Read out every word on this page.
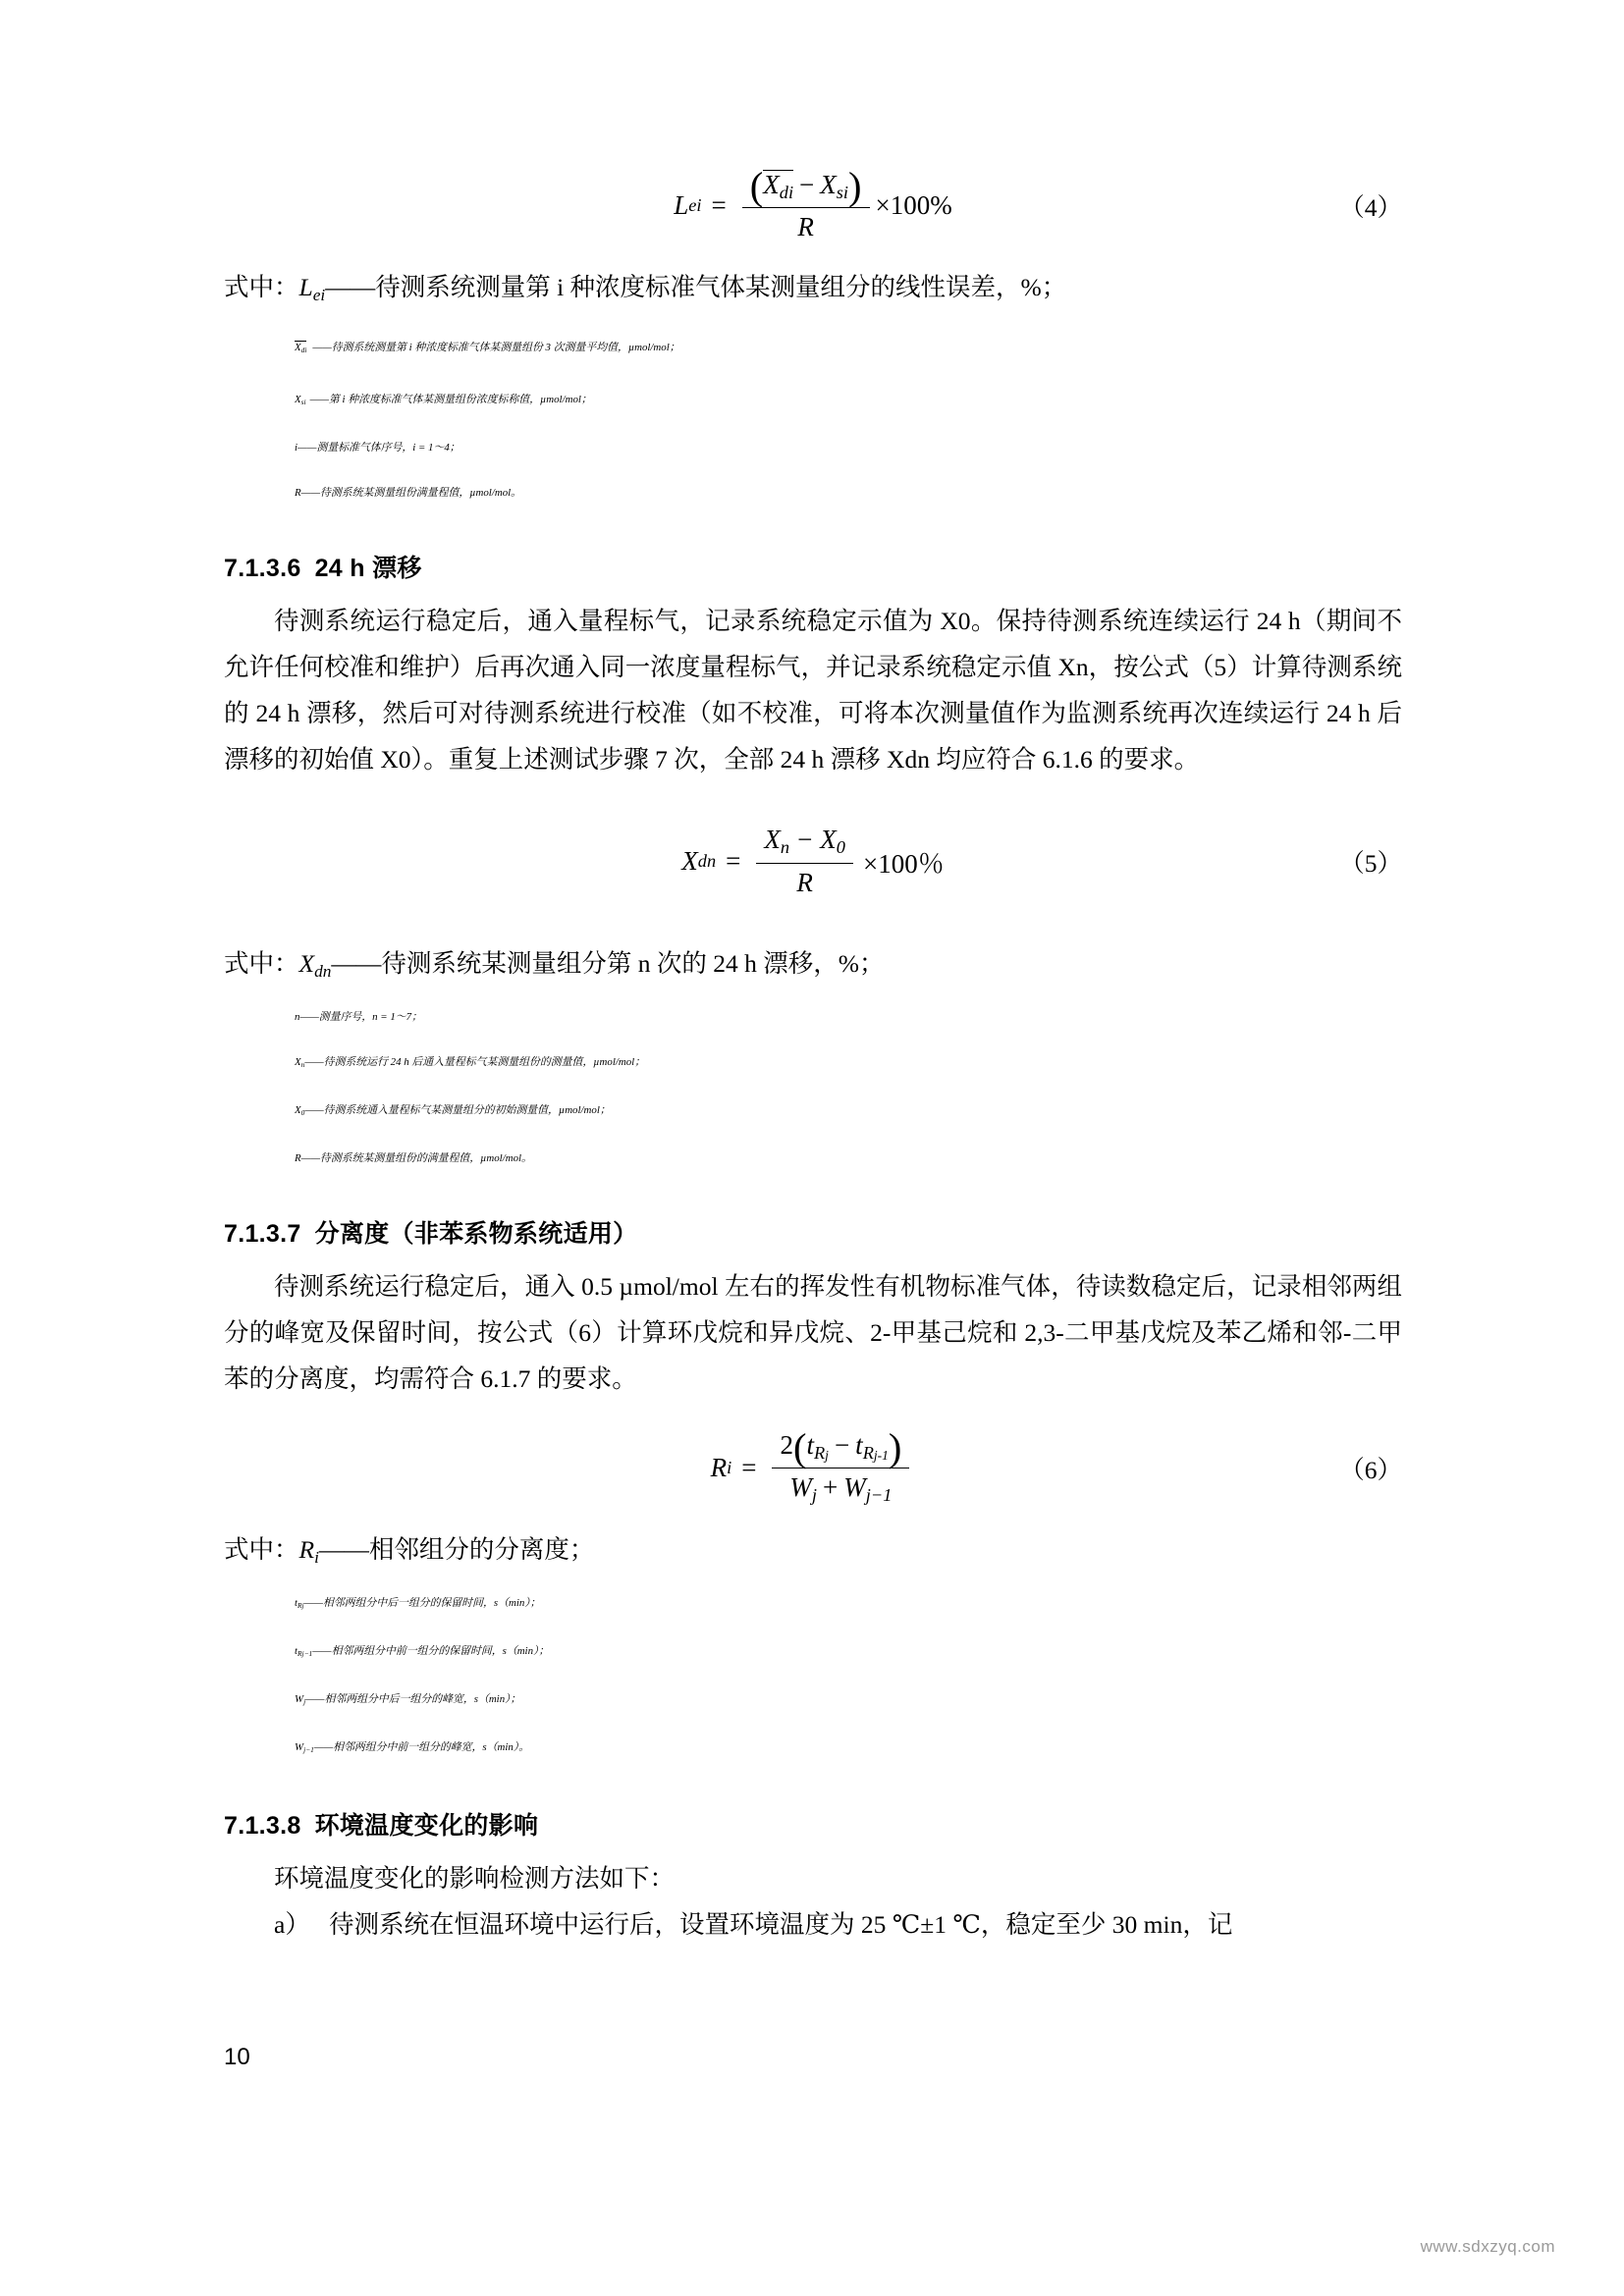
L ei = $\frac{(X_{di} - X_{si})}{R} \times 100\%$	（4）
式中：$L_{ei}——$待测系统测量第 i 种浓度标准气体某测量组分的线性误差，%；
$X_{di}$ ——待测系统测量第 i 种浓度标准气体某测量组份 3 次测量平均值，µmol/mol；
$X_{si}$ ——第 i 种浓度标准气体某测量组份浓度标称值，µmol/mol；
i——测量标准气体序号，i = 1～4；
R——待测系统某测量组份满量程值，µmol/mol。
7.1.3.6 24 h 漂移

待测系统运行稳定后，通入量程标气，记录系统稳定示值为 X0。保持待测系统连续运行 24 h（期间不允许任何校准和维护）后再次通入同一浓度量程标气，并记录系统稳定示值 Xn，按公式（5）计算待测系统的 24 h 漂移，然后可对待测系统进行校准（如不校准，可将本次测量值作为监测系统再次连续运行 24 h 后漂移的初始值 X0）。重复上述测试步骤 7 次，全部 24 h 漂移 Xdn 均应符合 6.1.6 的要求。

X dn = $\frac{X_n - X_0}{R} \times 100$％	（5）
式中：$X_{dn}——$待测系统某测量组分第 n 次的 24 h 漂移，%；
n——测量序号，n = 1～7；
$X_n——$待测系统运行 24 h 后通入量程标气某测量组份的测量值，µmol/mol；
$X_0——$待测系统通入量程标气某测量组分的初始测量值，µmol/mol；
R——待测系统某测量组份的满量程值，µmol/mol。
7.1.3.7 分离度（非苯系物系统适用）

待测系统运行稳定后，通入 0.5 µmol/mol 左右的挥发性有机物标准气体，待读数稳定后，记录相邻两组分的峰宽及保留时间，按公式（6）计算环戊烷和异戊烷、2-甲基己烷和 2,3-二甲基戊烷及苯乙烯和邻-二甲苯的分离度，均需符合 6.1.7 的要求。

R $i = \frac{2(t_{Rj} - t_{Rj-1})}{W_j + W_{j-1}}$	（6）
式中：$R_i——$相邻组分的分离度；
$t_{Rj}——$相邻两组分中后一组分的保留时间，s（min）；
$t_{Rj-1}——$相邻两组分中前一组分的保留时间，s（min）；
$W_j——$相邻两组分中后一组分的峰宽，s（min）；
$W_{j-1}——$相邻两组分中前一组分的峰宽，s（min）。
7.1.3.8 环境温度变化的影响

环境温度变化的影响检测方法如下：

a） 待测系统在恒温环境中运行后，设置环境温度为 25 ℃±1 ℃，稳定至少 30 min，记
10
www.sdxzyq.com
